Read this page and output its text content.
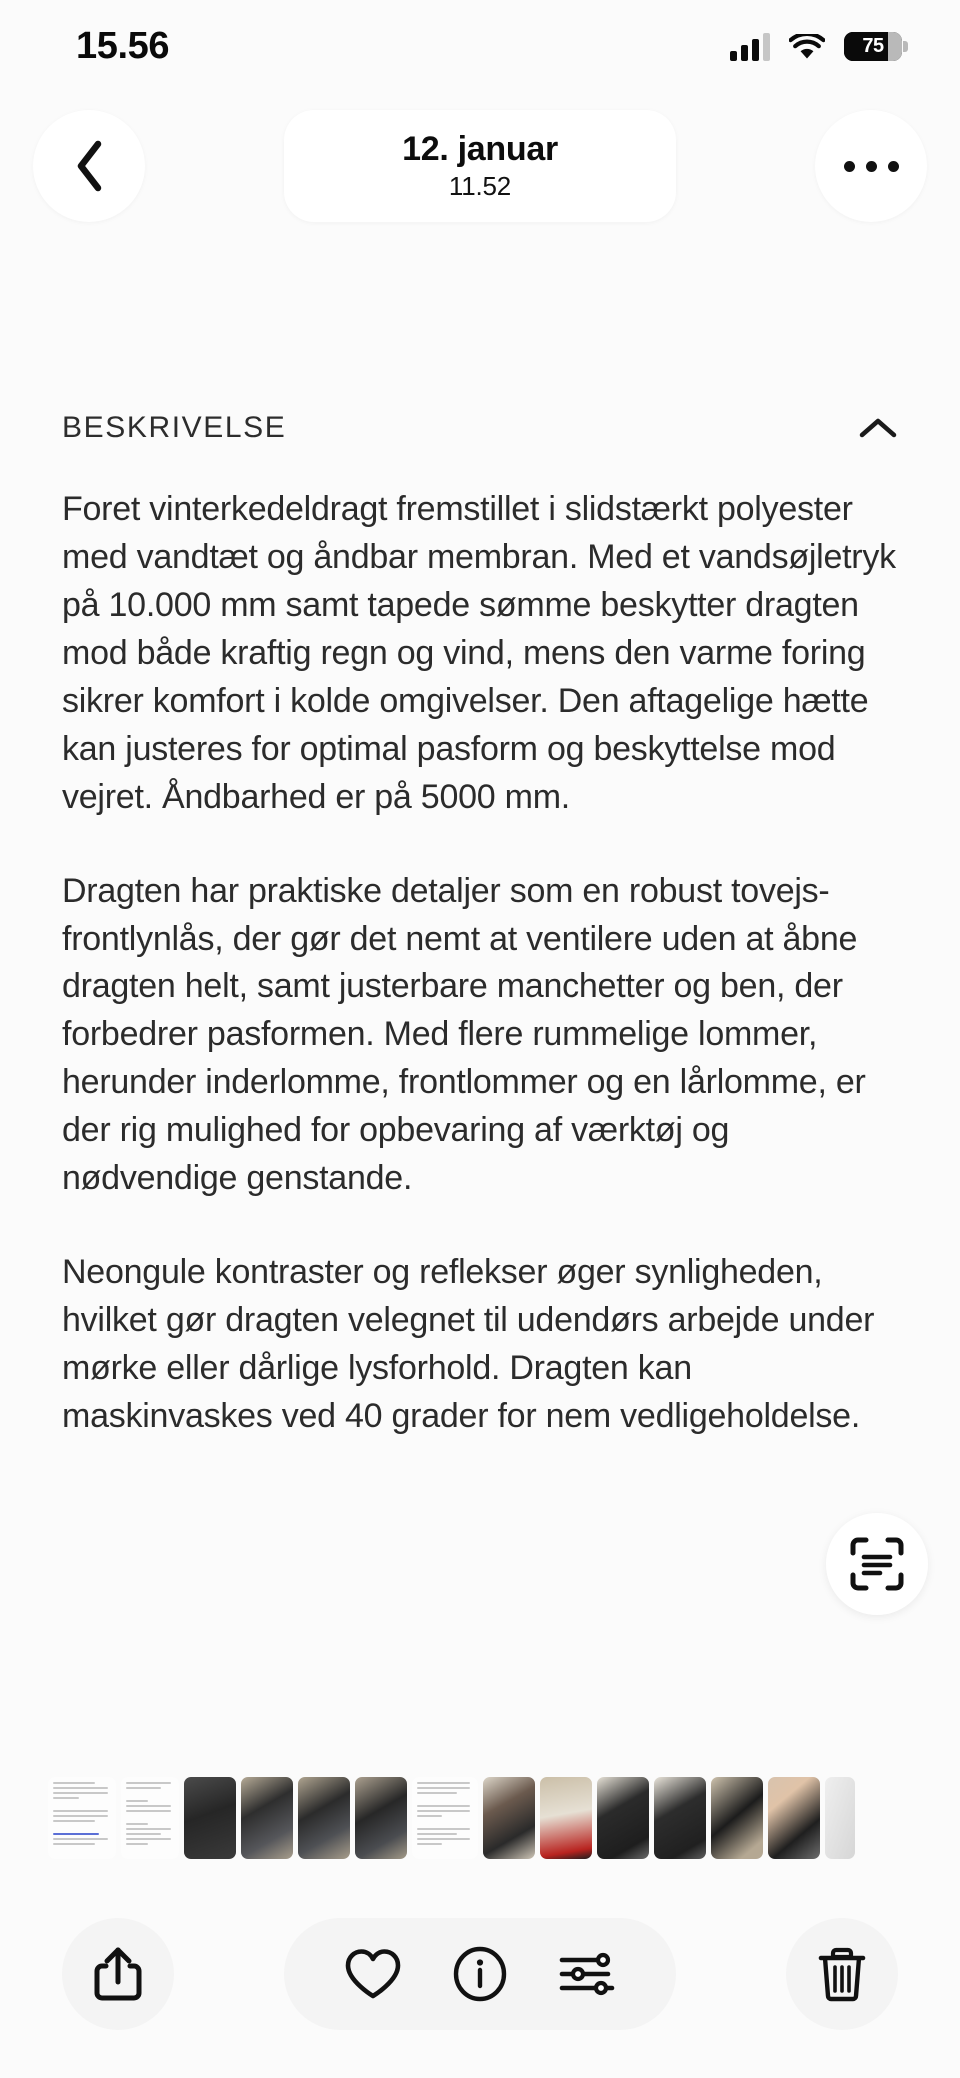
15.56	75
12. januar
11.52
BESKRIVELSE

Foret vinterkedeldragt fremstillet i slidstærkt polyester med vandtæt og åndbar membran. Med et vandsøjletryk på 10.000 mm samt tapede sømme beskytter dragten mod både kraftig regn og vind, mens den varme foring sikrer komfort i kolde omgivelser. Den aftagelige hætte kan justeres for optimal pasform og beskyttelse mod vejret. Åndbarhed er på 5000 mm.

Dragten har praktiske detaljer som en robust tovejs-frontlynlås, der gør det nemt at ventilere uden at åbne dragten helt, samt justerbare manchetter og ben, der forbedrer pasformen. Med flere rummelige lommer, herunder inderlomme, frontlommer og en lårlomme, er der rig mulighed for opbevaring af værktøj og nødvendige genstande.

Neongule kontraster og reflekser øger synligheden, hvilket gør dragten velegnet til udendørs arbejde under mørke eller dårlige lysforhold. Dragten kan maskinvaskes ved 40 grader for nem vedligeholdelse.
